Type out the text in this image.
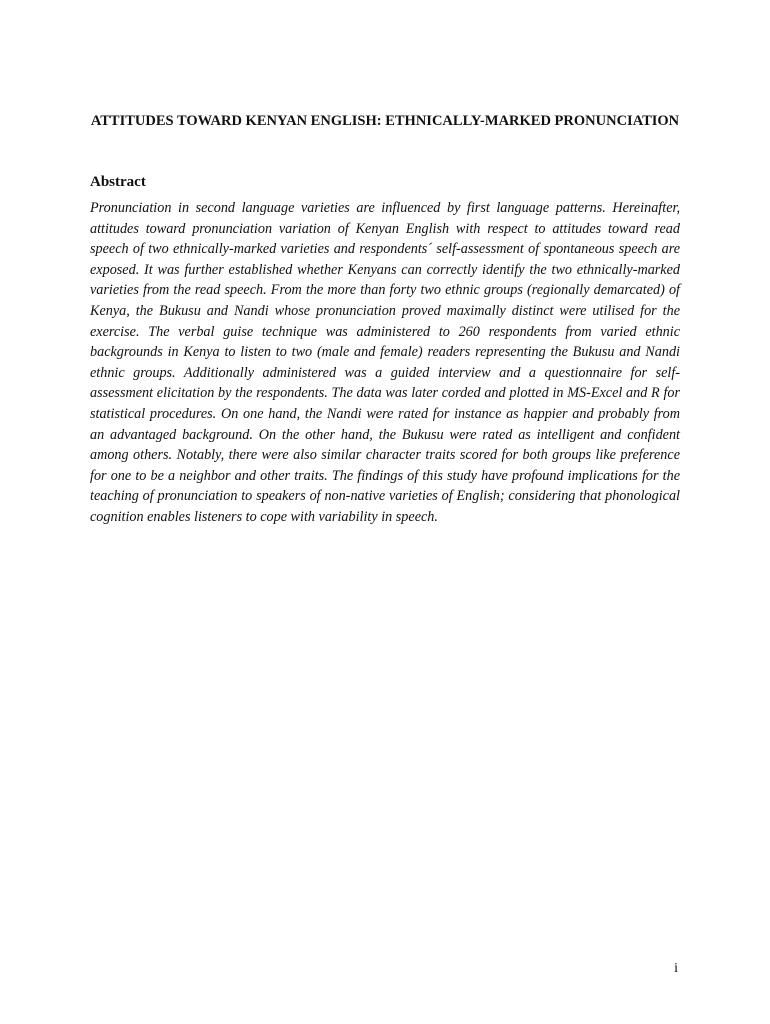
ATTITUDES TOWARD KENYAN ENGLISH: ETHNICALLY-MARKED PRONUNCIATION
Abstract

Pronunciation in second language varieties are influenced by first language patterns. Hereinafter, attitudes toward pronunciation variation of Kenyan English with respect to attitudes toward read speech of two ethnically-marked varieties and respondents´ self-assessment of spontaneous speech are exposed. It was further established whether Kenyans can correctly identify the two ethnically-marked varieties from the read speech. From the more than forty two ethnic groups (regionally demarcated) of Kenya, the Bukusu and Nandi whose pronunciation proved maximally distinct were utilised for the exercise. The verbal guise technique was administered to 260 respondents from varied ethnic backgrounds in Kenya to listen to two (male and female) readers representing the Bukusu and Nandi ethnic groups. Additionally administered was a guided interview and a questionnaire for self-assessment elicitation by the respondents. The data was later corded and plotted in MS-Excel and R for statistical procedures. On one hand, the Nandi were rated for instance as happier and probably from an advantaged background. On the other hand, the Bukusu were rated as intelligent and confident among others. Notably, there were also similar character traits scored for both groups like preference for one to be a neighbor and other traits. The findings of this study have profound implications for the teaching of pronunciation to speakers of non-native varieties of English; considering that phonological cognition enables listeners to cope with variability in speech.

i
